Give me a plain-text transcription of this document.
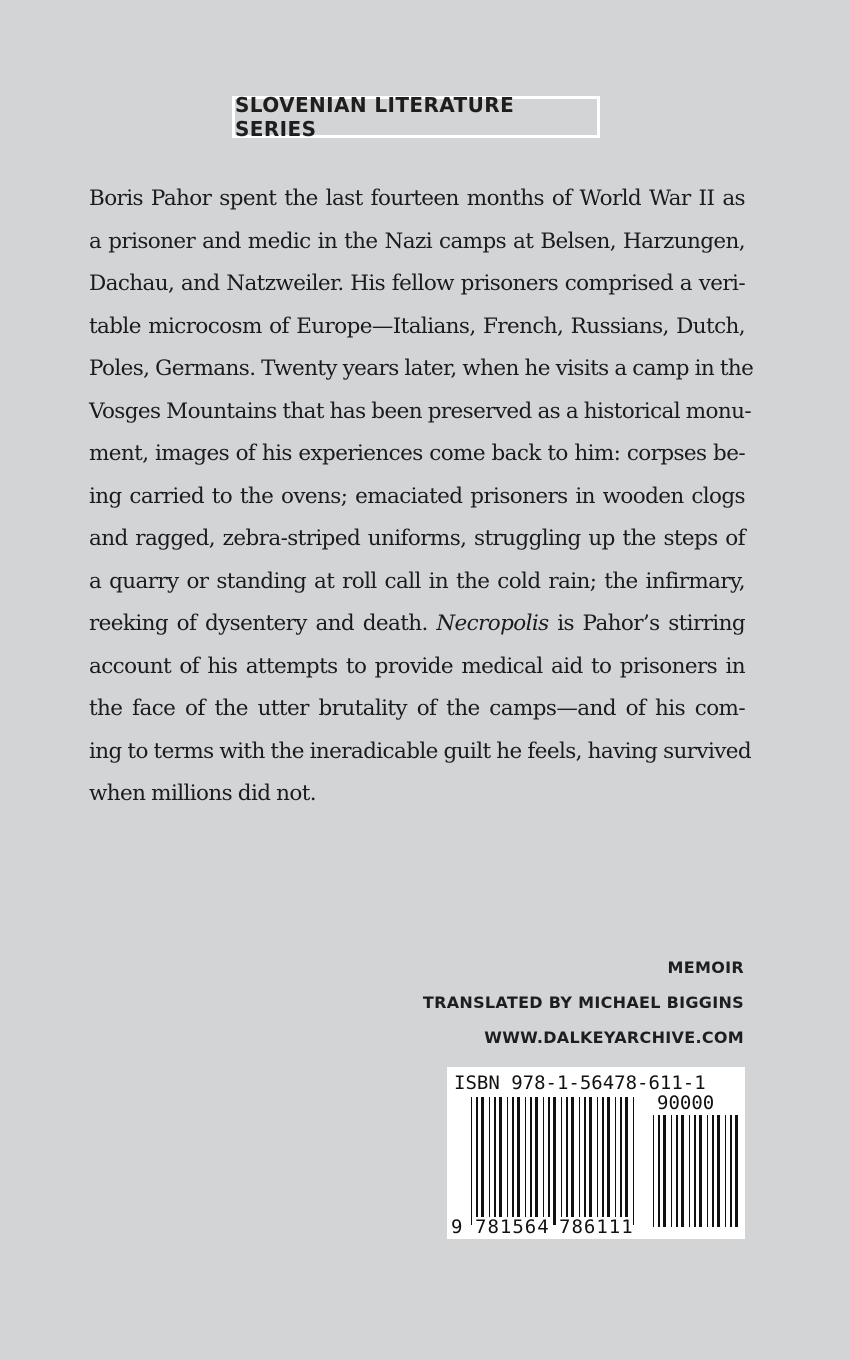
SLOVENIAN LITERATURE SERIES
Boris Pahor spent the last fourteen months of World War II as
a prisoner and medic in the Nazi camps at Belsen, Harzungen,
Dachau, and Natzweiler. His fellow prisoners comprised a veri-
table microcosm of Europe—Italians, French, Russians, Dutch,
Poles, Germans. Twenty years later, when he visits a camp in the
Vosges Mountains that has been preserved as a historical monu-
ment, images of his experiences come back to him: corpses be-
ing carried to the ovens; emaciated prisoners in wooden clogs
and ragged, zebra-striped uniforms, struggling up the steps of
a quarry or standing at roll call in the cold rain; the infirmary,
reeking of dysentery and death. Necropolis is Pahor’s stirring
account of his attempts to provide medical aid to prisoners in
the face of the utter brutality of the camps—and of his com-
ing to terms with the ineradicable guilt he feels, having survived
when millions did not.
MEMOIR
TRANSLATED BY MICHAEL BIGGINS
WWW.DALKEYARCHIVE.COM
ISBN 978-1-56478-611-1
90000
9 781564 786111
